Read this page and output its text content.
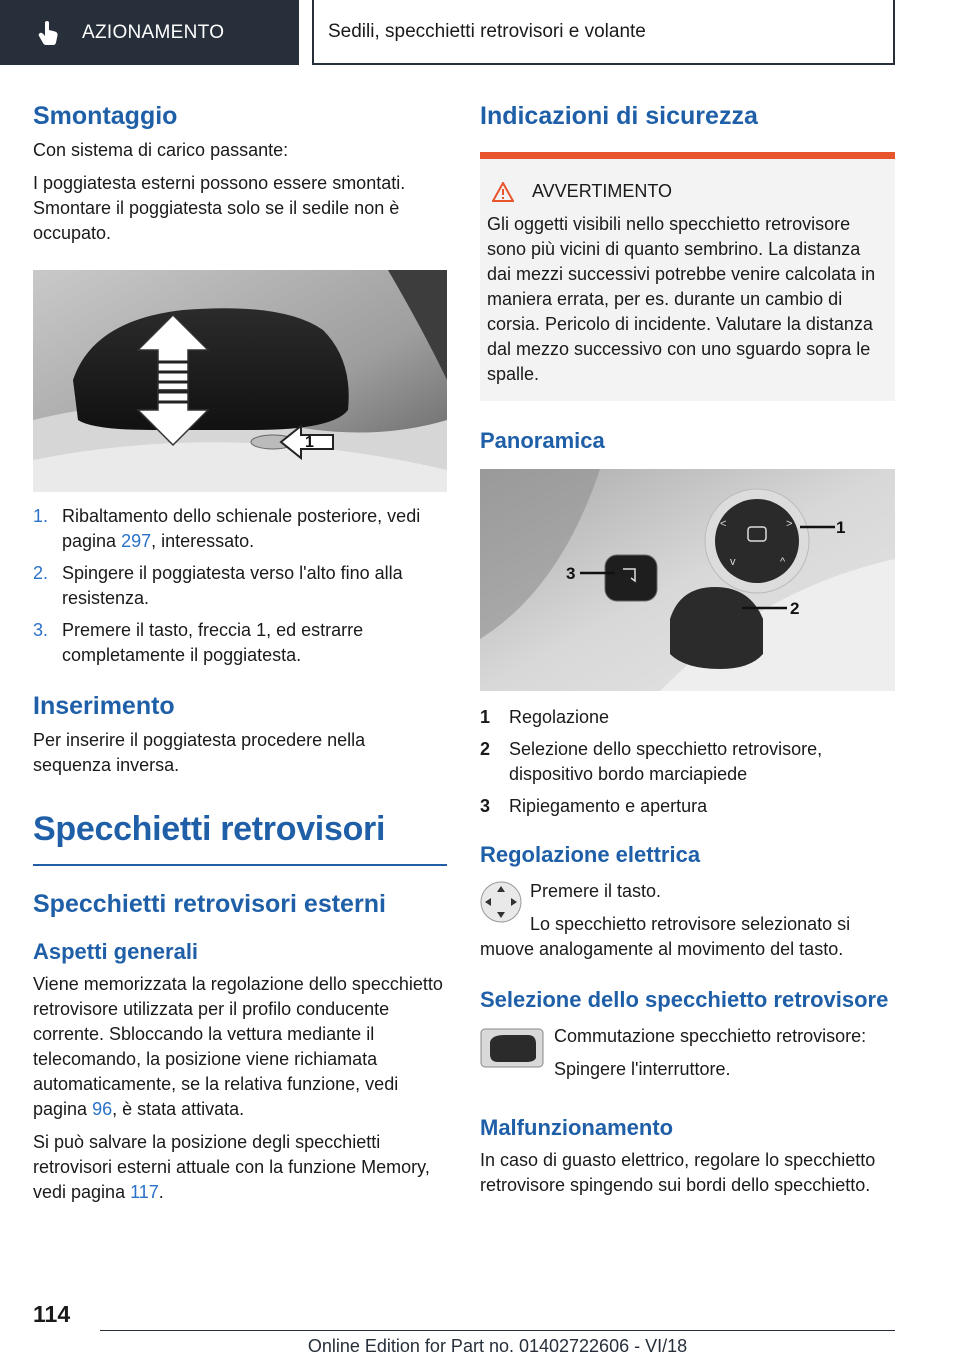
AZIONAMENTO	Sedili, specchietti retrovisori e volante
Smontaggio

Con sistema di carico passante:

I poggiatesta esterni possono essere smontati. Smontare il poggiatesta solo se il sedile non è occupato.

1
1. Ribaltamento dello schienale posteriore, vedi pagina 297, interessato.
2. Spingere il poggiatesta verso l'alto fino alla resistenza.
3. Premere il tasto, freccia 1, ed estrarre completamente il poggiatesta.
Inserimento

Per inserire il poggiatesta procedere nella sequenza inversa.

Specchietti retrovisori
Specchietti retrovisori esterni
Aspetti generali

Viene memorizzata la regolazione dello specchietto retrovisore utilizzata per il profilo conducente corrente. Sbloccando la vettura mediante il telecomando, la posizione viene richiamata automaticamente, se la relativa funzione, vedi pagina 96, è stata attivata.

Si può salvare la posizione degli specchietti retrovisori esterni attuale con la funzione Memory, vedi pagina 117.

Indicazioni di sicurezza
AVVERTIMENTO

Gli oggetti visibili nello specchietto retrovisore sono più vicini di quanto sembrino. La distanza dai mezzi successivi potrebbe venire calcolata in maniera errata, per es. durante un cambio di corsia. Pericolo di incidente. Valutare la distanza dal mezzo successivo con uno sguardo sopra le spalle.

Panoramica
<	>
v	^
1
2
3
1 Regolazione
2 Selezione dello specchietto retrovisore, dispositivo bordo marciapiede
3 Ripiegamento e apertura
Regolazione elettrica

Premere il tasto.

Lo specchietto retrovisore selezionato si muove analogamente al movimento del tasto.

Selezione dello specchietto retrovisore

Commutazione specchietto retrovisore:

Spingere l'interruttore.

Malfunzionamento

In caso di guasto elettrico, regolare lo specchietto retrovisore spingendo sui bordi dello specchietto.

114
Online Edition for Part no. 01402722606 - VI/18
